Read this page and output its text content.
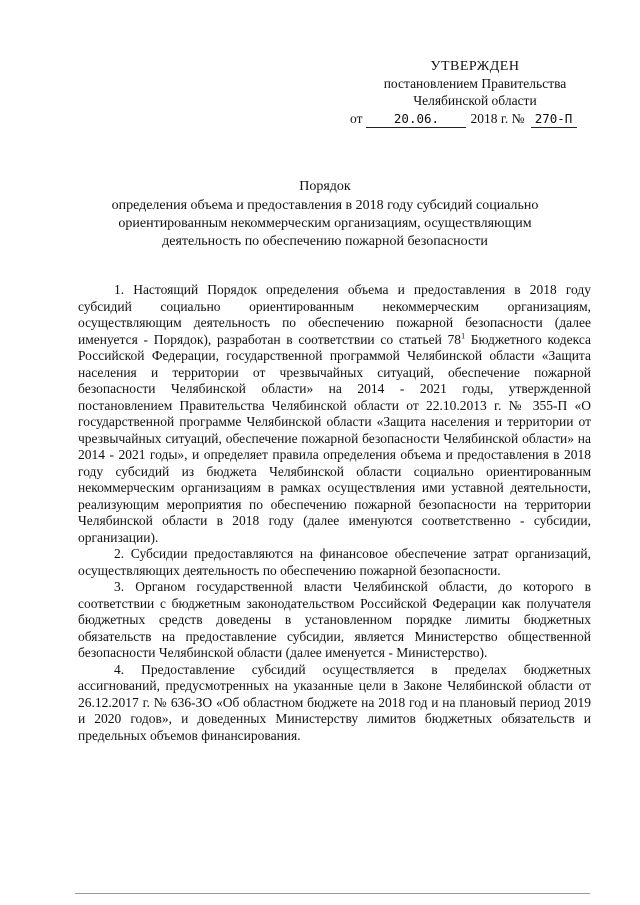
УТВЕРЖДЕН
постановлением Правительства
Челябинской области
от	20.06.	2018 г. № 270-П
Порядок
определения объема и предоставления в 2018 году субсидий социально
ориентированным некоммерческим организациям, осуществляющим
деятельность по обеспечению пожарной безопасности

1. Настоящий Порядок определения объема и предоставления в 2018 году субсидий социально ориентированным некоммерческим организациям, осуществляющим деятельность по обеспечению пожарной безопасности (далее именуется - Порядок), разработан в соответствии со статьей $78^1$ Бюджетного кодекса Российской Федерации, государственной программой Челябинской области «Защита населения и территории от чрезвычайных ситуаций, обеспечение пожарной безопасности Челябинской области» на 2014 - 2021 годы, утвержденной постановлением Правительства Челябинской области от 22.10.2013 г. № 355-П «О государственной программе Челябинской области «Защита населения и территории от чрезвычайных ситуаций, обеспечение пожарной безопасности Челябинской области» на 2014 - 2021 годы», и определяет правила определения объема и предоставления в 2018 году субсидий из бюджета Челябинской области социально ориентированным некоммерческим организациям в рамках осуществления ими уставной деятельности, реализующим мероприятия по обеспечению пожарной безопасности на территории Челябинской области в 2018 году (далее именуются соответственно - субсидии, организации).

2. Субсидии предоставляются на финансовое обеспечение затрат организаций, осуществляющих деятельность по обеспечению пожарной безопасности.

3. Органом государственной власти Челябинской области, до которого в соответствии с бюджетным законодательством Российской Федерации как получателя бюджетных средств доведены в установленном порядке лимиты бюджетных обязательств на предоставление субсидии, является Министерство общественной безопасности Челябинской области (далее именуется - Министерство).

4. Предоставление субсидий осуществляется в пределах бюджетных ассигнований, предусмотренных на указанные цели в Законе Челябинской области от 26.12.2017 г. № 636-ЗО «Об областном бюджете на 2018 год и на плановый период 2019 и 2020 годов», и доведенных Министерству лимитов бюджетных обязательств и предельных объемов финансирования.
